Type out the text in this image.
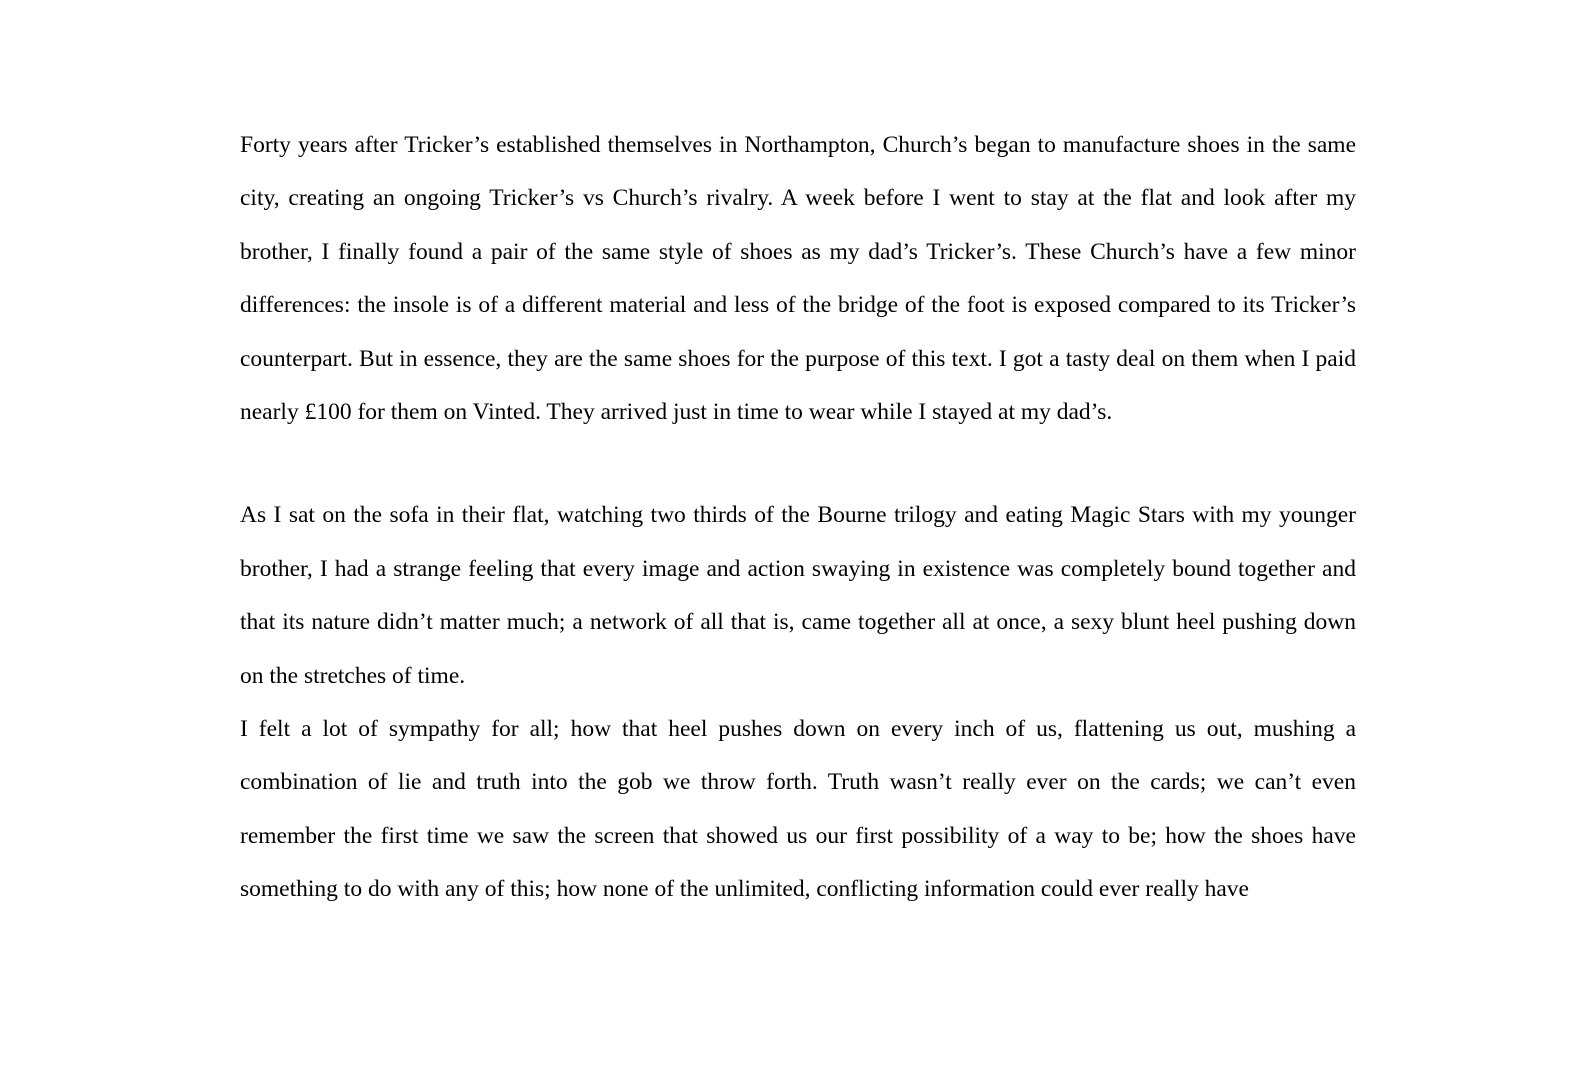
Forty years after Tricker’s established themselves in Northampton, Church’s began to manufacture shoes in the same city, creating an ongoing Tricker’s vs Church’s rivalry. A week before I went to stay at the flat and look after my brother, I finally found a pair of the same style of shoes as my dad’s Tricker’s. These Church’s have a few minor differences: the insole is of a different material and less of the bridge of the foot is exposed compared to its Tricker’s counterpart. But in essence, they are the same shoes for the purpose of this text. I got a tasty deal on them when I paid nearly £100 for them on Vinted. They arrived just in time to wear while I stayed at my dad’s.

As I sat on the sofa in their flat, watching two thirds of the Bourne trilogy and eating Magic Stars with my younger brother, I had a strange feeling that every image and action swaying in existence was completely bound together and that its nature didn’t matter much; a network of all that is, came together all at once, a sexy blunt heel pushing down on the stretches of time.

I felt a lot of sympathy for all; how that heel pushes down on every inch of us, flattening us out, mushing a combination of lie and truth into the gob we throw forth. Truth wasn’t really ever on the cards; we can’t even remember the first time we saw the screen that showed us our first possibility of a way to be; how the shoes have something to do with any of this; how none of the unlimited, conflicting information could ever really have
